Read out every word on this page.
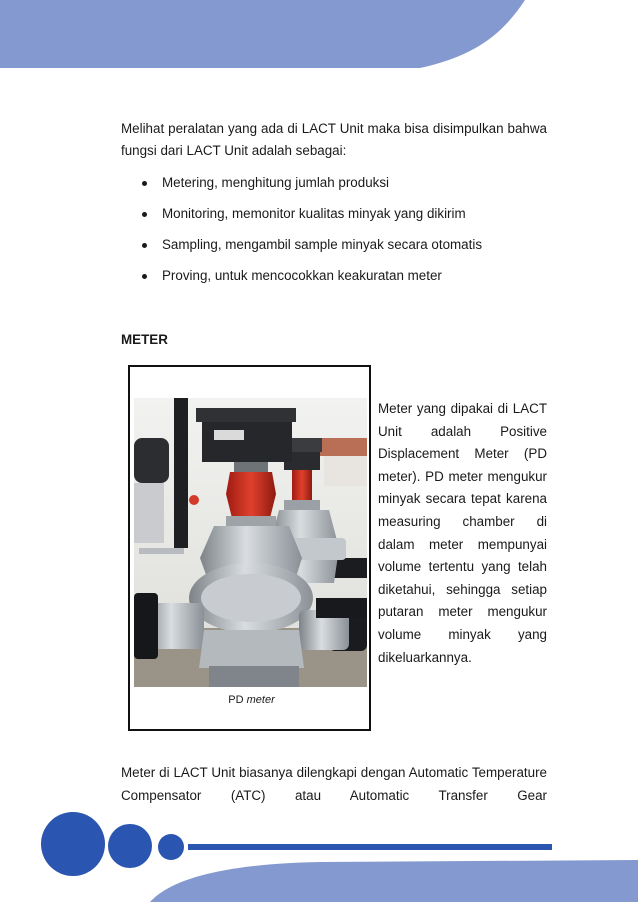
Melihat peralatan yang ada di LACT Unit maka bisa disimpulkan bahwa fungsi dari LACT Unit adalah sebagai:

Metering, menghitung jumlah produksi
Monitoring, memonitor kualitas minyak yang dikirim
Sampling, mengambil sample minyak secara otomatis
Proving, untuk mencocokkan keakuratan meter
METER
PD meter
Meter yang dipakai di LACT Unit adalah Positive Displacement Meter (PD meter). PD meter mengukur minyak secara tepat karena measuring chamber di dalam meter mempunyai volume tertentu yang telah diketahui, sehingga setiap putaran meter mengukur volume minyak yang dikeluarkannya.
Meter di LACT Unit biasanya dilengkapi dengan Automatic Temperature Compensator (ATC) atau Automatic Transfer Gear
